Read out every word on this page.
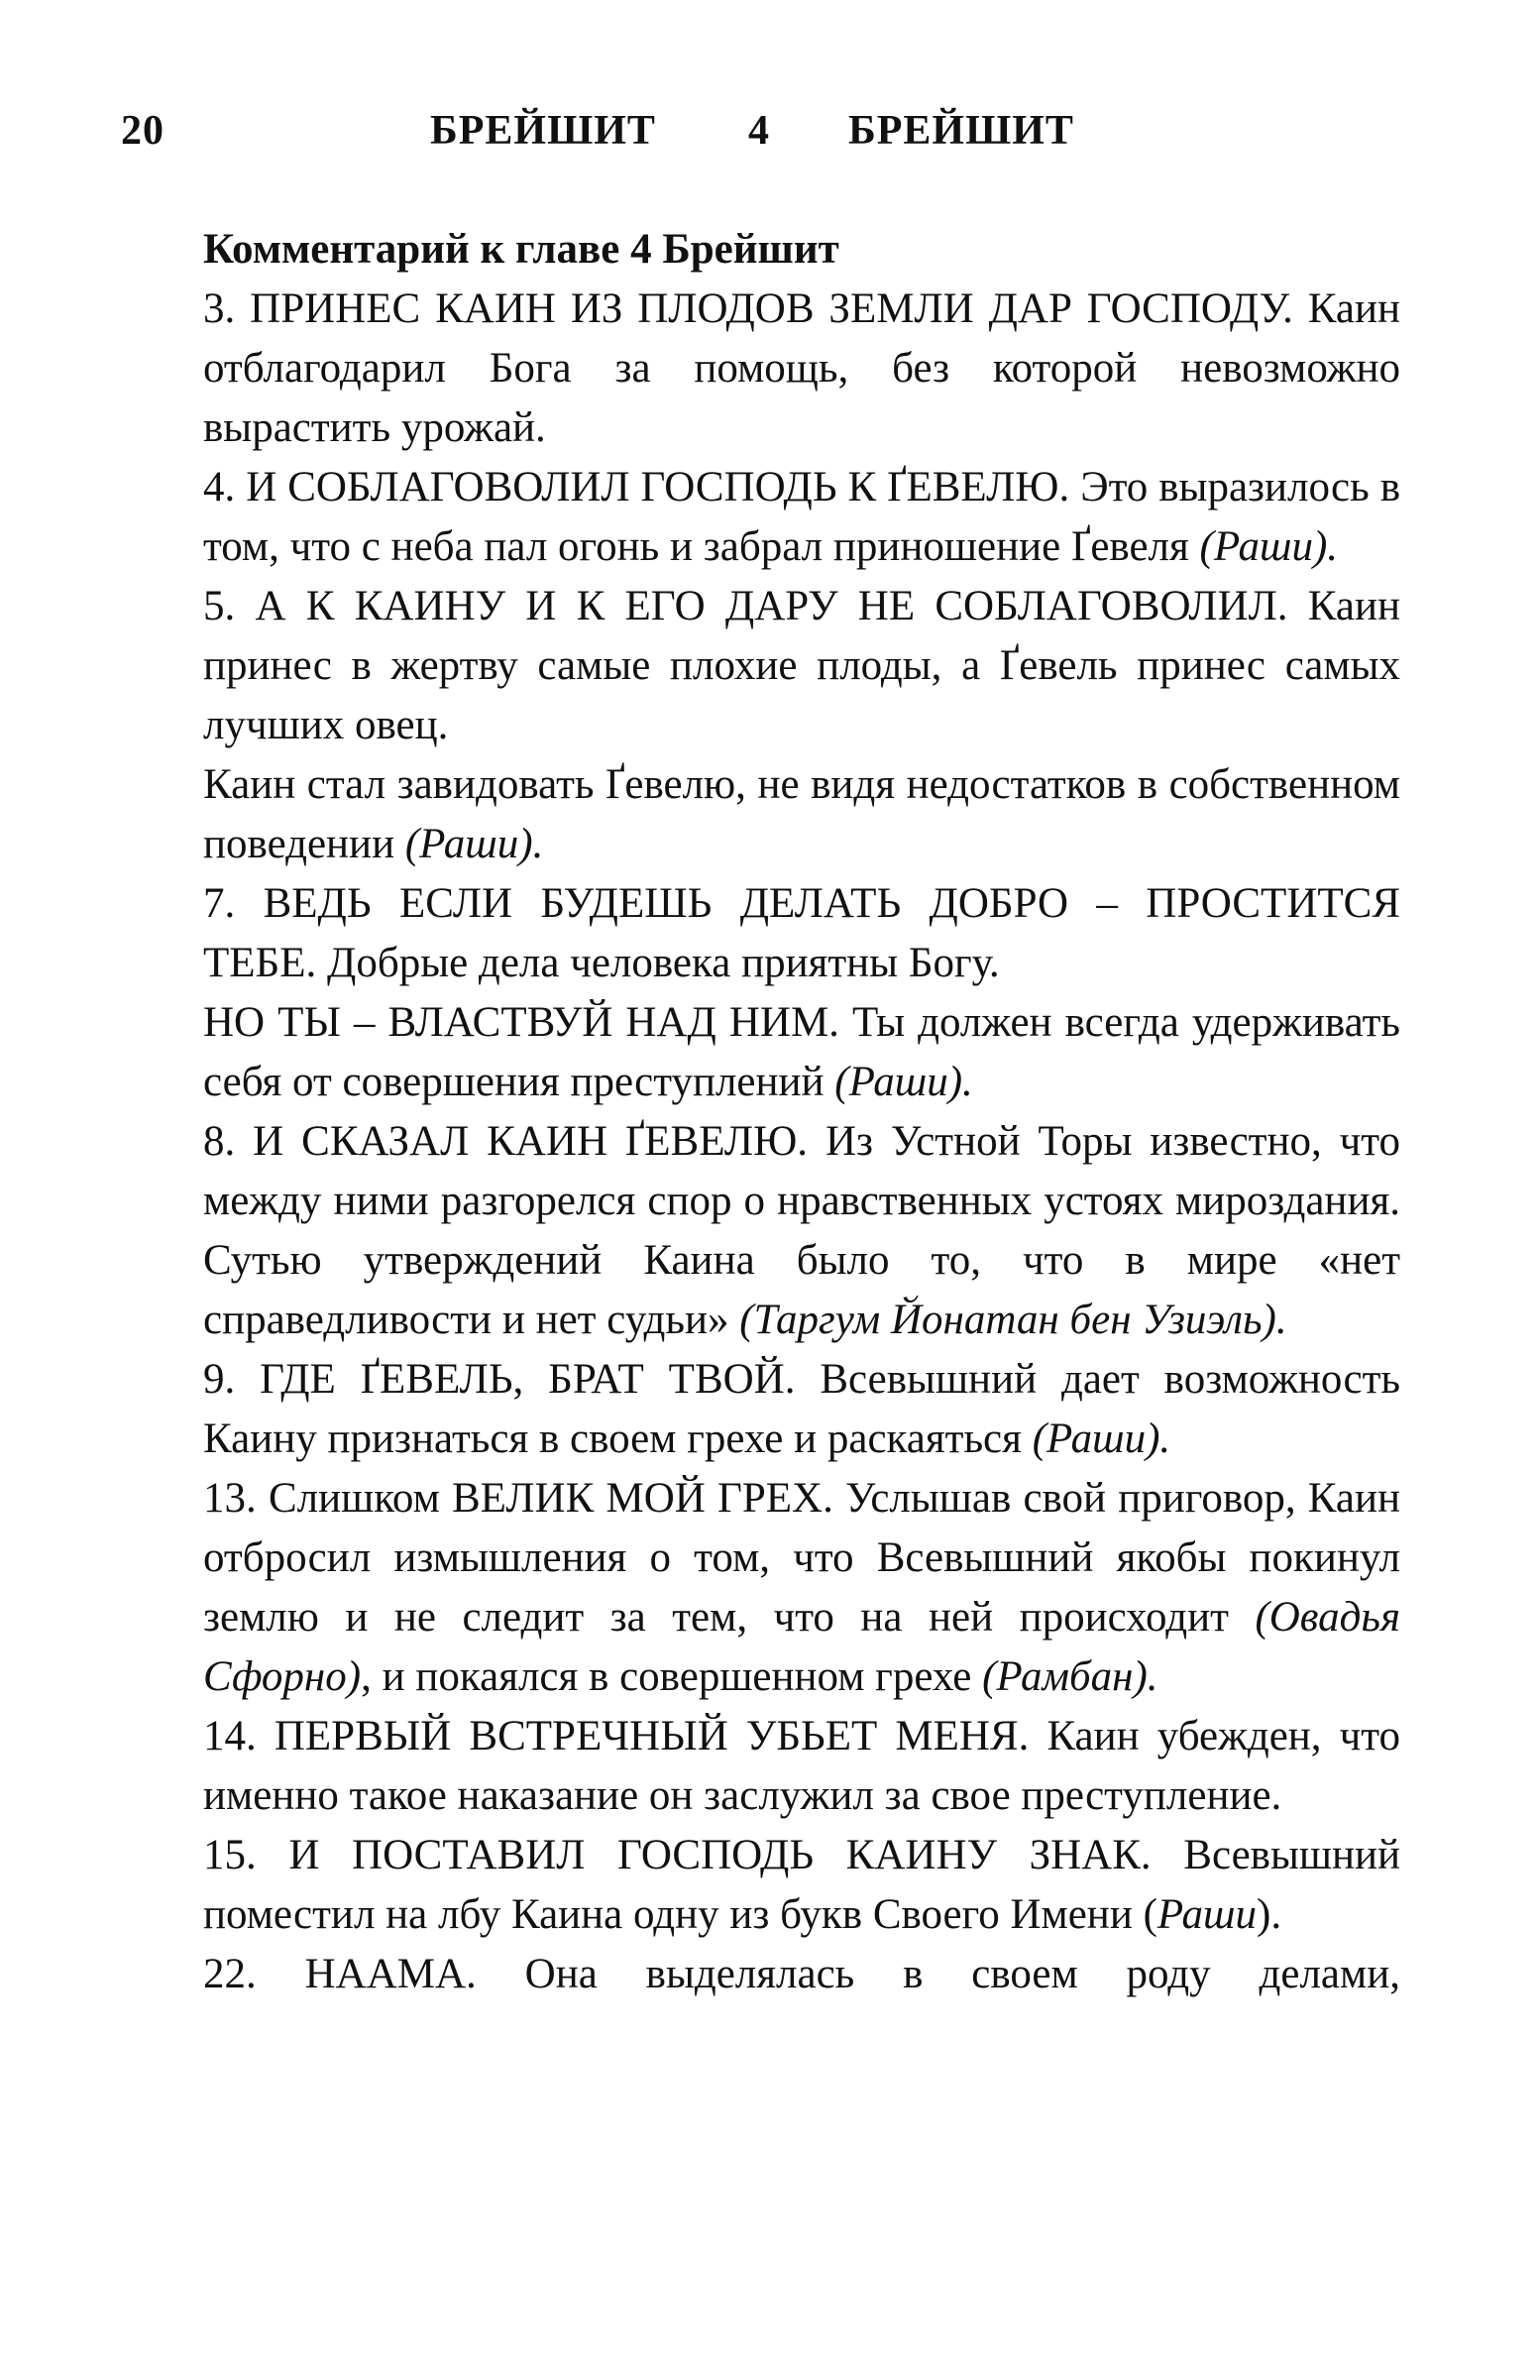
20	БРЕЙШИТ 4 БРЕЙШИТ

Комментарий к главе 4 Брейшит

3. ПРИНЕС КАИН ИЗ ПЛОДОВ ЗЕМЛИ ДАР ГОСПОДУ. Каин отблагодарил Бога за помощь, без которой невозможно вырастить урожай.

4. И СОБЛАГОВОЛИЛ ГОСПОДЬ К ҐЕВЕЛЮ. Это выразилось в том, что с неба пал огонь и забрал приношение Ґевеля (Раши).

5. А К КАИНУ И К ЕГО ДАРУ НЕ СОБЛАГОВОЛИЛ. Каин принес в жертву самые плохие плоды, а Ґевель принес самых лучших овец.

Каин стал завидовать Ґевелю, не видя недостатков в собственном поведении (Раши).

7. ВЕДЬ ЕСЛИ БУДЕШЬ ДЕЛАТЬ ДОБРО – ПРОСТИТСЯ ТЕБЕ. Добрые дела человека приятны Богу.

НО ТЫ – ВЛАСТВУЙ НАД НИМ. Ты должен всегда удерживать себя от совершения преступлений (Раши).

8. И СКАЗАЛ КАИН ҐЕВЕЛЮ. Из Устной Торы известно, что между ними разгорелся спор о нравственных устоях мироздания. Сутью утверждений Каина было то, что в мире «нет справедливости и нет судьи» (Таргум Йонатан бен Узиэль).

9. ГДЕ ҐЕВЕЛЬ, БРАТ ТВОЙ. Всевышний дает возможность Каину признаться в своем грехе и раскаяться (Раши).

13. Слишком ВЕЛИК МОЙ ГРЕХ. Услышав свой приговор, Каин отбросил измышления о том, что Всевышний якобы покинул землю и не следит за тем, что на ней происходит (Овадья Сфорно), и покаялся в совершенном грехе (Рамбан).

14. ПЕРВЫЙ ВСТРЕЧНЫЙ УБЬЕТ МЕНЯ. Каин убежден, что именно такое наказание он заслужил за свое преступление.

15. И ПОСТАВИЛ ГОСПОДЬ КАИНУ ЗНАК. Всевышний поместил на лбу Каина одну из букв Своего Имени (Раши).

22. НААМА. Она выделялась в своем роду делами,
